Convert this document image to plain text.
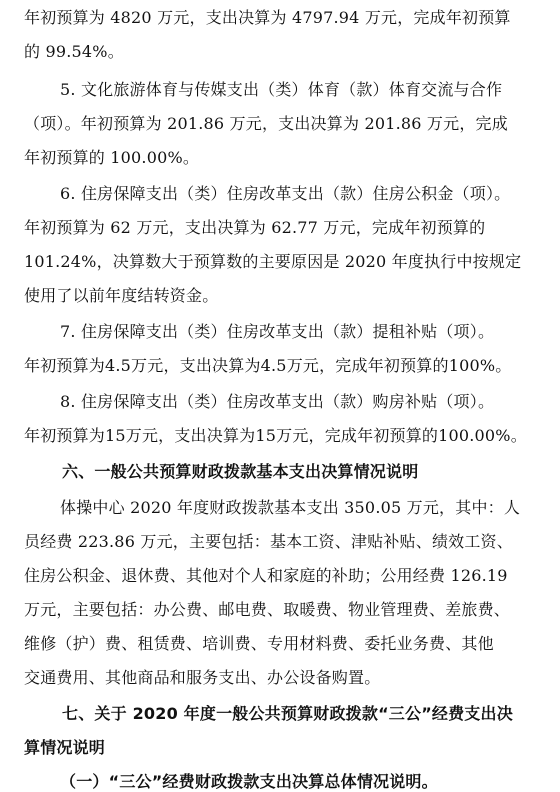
年初预算为 4820 万元，支出决算为 4797.94 万元，完成年初预算
的 99.54%。
5. 文化旅游体育与传媒支出（类）体育（款）体育交流与合作
（项）。年初预算为 201.86 万元，支出决算为 201.86 万元，完成
年初预算的 100.00%。
6. 住房保障支出（类）住房改革支出（款）住房公积金（项）。
年初预算为 62 万元，支出决算为 62.77 万元，完成年初预算的
101.24%，决算数大于预算数的主要原因是 2020 年度执行中按规定
使用了以前年度结转资金。
7. 住房保障支出（类）住房改革支出（款）提租补贴（项）。
年初预算为4.5万元，支出决算为4.5万元，完成年初预算的100%。
8. 住房保障支出（类）住房改革支出（款）购房补贴（项）。
年初预算为15万元，支出决算为15万元，完成年初预算的100.00%。
六、一般公共预算财政拨款基本支出决算情况说明
体操中心 2020 年度财政拨款基本支出 350.05 万元，其中：人
员经费 223.86 万元，主要包括：基本工资、津贴补贴、绩效工资、
住房公积金、退休费、其他对个人和家庭的补助；公用经费 126.19
万元，主要包括：办公费、邮电费、取暖费、物业管理费、差旅费、
维修（护）费、租赁费、培训费、专用材料费、委托业务费、其他
交通费用、其他商品和服务支出、办公设备购置。
七、关于 2020 年度一般公共预算财政拨款“三公”经费支出决
算情况说明
（一）“三公”经费财政拨款支出决算总体情况说明。
